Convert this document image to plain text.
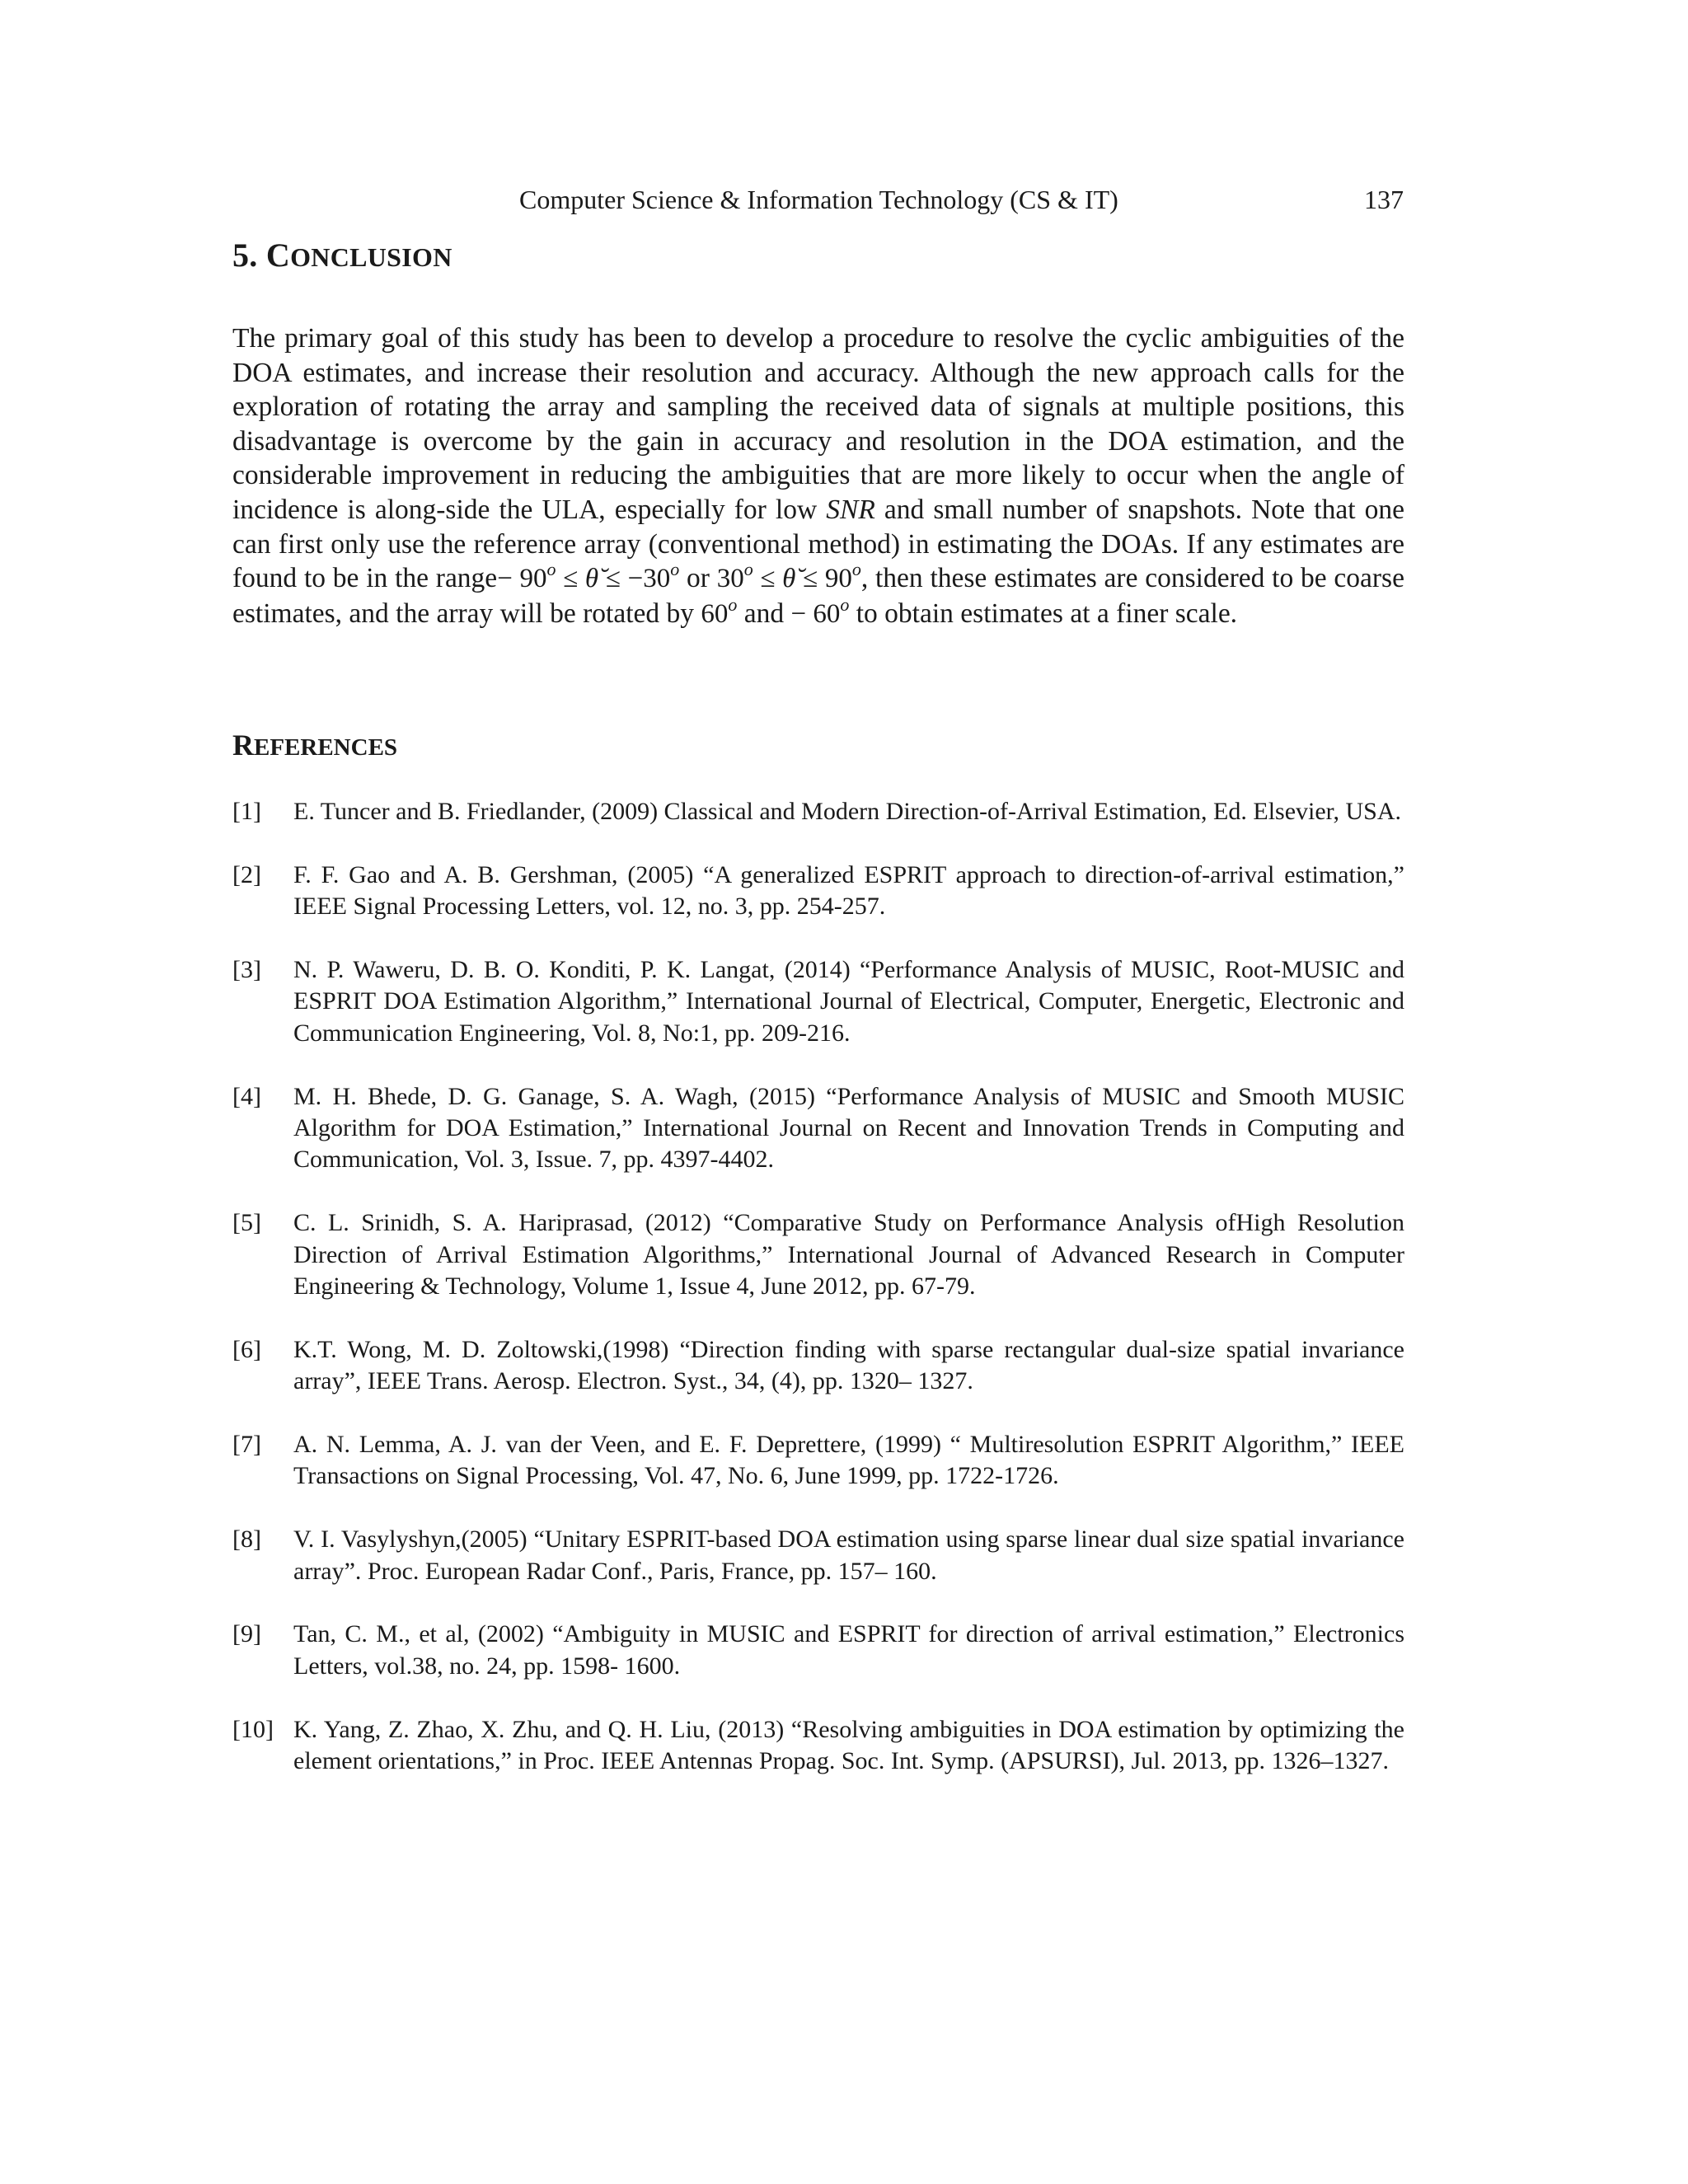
Computer Science & Information Technology (CS & IT)	137
5. CONCLUSION

The primary goal of this study has been to develop a procedure to resolve the cyclic ambiguities of the DOA estimates, and increase their resolution and accuracy. Although the new approach calls for the exploration of rotating the array and sampling the received data of signals at multiple positions, this disadvantage is overcome by the gain in accuracy and resolution in the DOA estimation, and the considerable improvement in reducing the ambiguities that are more likely to occur when the angle of incidence is along-side the ULA, especially for low SNR and small number of snapshots. Note that one can first only use the reference array (conventional method) in estimating the DOAs. If any estimates are found to be in the range− $90^o$ ≤ θ̆ ≤ $-30^o$ or $30^o$ ≤ θ̆ ≤ $90^o$, then these estimates are considered to be coarse estimates, and the array will be rotated by 60$^o$ and − $60^o$ to obtain estimates at a finer scale.

REFERENCES
[1] E. Tuncer and B. Friedlander, (2009) Classical and Modern Direction-of-Arrival Estimation, Ed. Elsevier, USA.
[2] F. F. Gao and A. B. Gershman, (2005) “A generalized ESPRIT approach to direction-of-arrival estimation,” IEEE Signal Processing Letters, vol. 12, no. 3, pp. 254-257.
[3] N. P. Waweru, D. B. O. Konditi, P. K. Langat, (2014) “Performance Analysis of MUSIC, Root-MUSIC and ESPRIT DOA Estimation Algorithm,” International Journal of Electrical, Computer, Energetic, Electronic and Communication Engineering, Vol. 8, No:1, pp. 209-216.
[4] M. H. Bhede, D. G. Ganage, S. A. Wagh, (2015) “Performance Analysis of MUSIC and Smooth MUSIC Algorithm for DOA Estimation,” International Journal on Recent and Innovation Trends in Computing and Communication, Vol. 3, Issue. 7, pp. 4397-4402.
[5] C. L. Srinidh, S. A. Hariprasad, (2012) “Comparative Study on Performance Analysis ofHigh Resolution Direction of Arrival Estimation Algorithms,” International Journal of Advanced Research in Computer Engineering & Technology, Volume 1, Issue 4, June 2012, pp. 67-79.
[6] K.T. Wong, M. D. Zoltowski,(1998) “Direction finding with sparse rectangular dual-size spatial invariance array”, IEEE Trans. Aerosp. Electron. Syst., 34, (4), pp. 1320– 1327.
[7] A. N. Lemma, A. J. van der Veen, and E. F. Deprettere, (1999) “ Multiresolution ESPRIT Algorithm,” IEEE Transactions on Signal Processing, Vol. 47, No. 6, June 1999, pp. 1722-1726.
[8] V. I. Vasylyshyn,(2005) “Unitary ESPRIT-based DOA estimation using sparse linear dual size spatial invariance array”. Proc. European Radar Conf., Paris, France, pp. 157– 160.
[9] Tan, C. M., et al, (2002) “Ambiguity in MUSIC and ESPRIT for direction of arrival estimation,” Electronics Letters, vol.38, no. 24, pp. 1598- 1600.
[10] K. Yang, Z. Zhao, X. Zhu, and Q. H. Liu, (2013) “Resolving ambiguities in DOA estimation by optimizing the element orientations,” in Proc. IEEE Antennas Propag. Soc. Int. Symp. (APSURSI), Jul. 2013, pp. 1326–1327.
